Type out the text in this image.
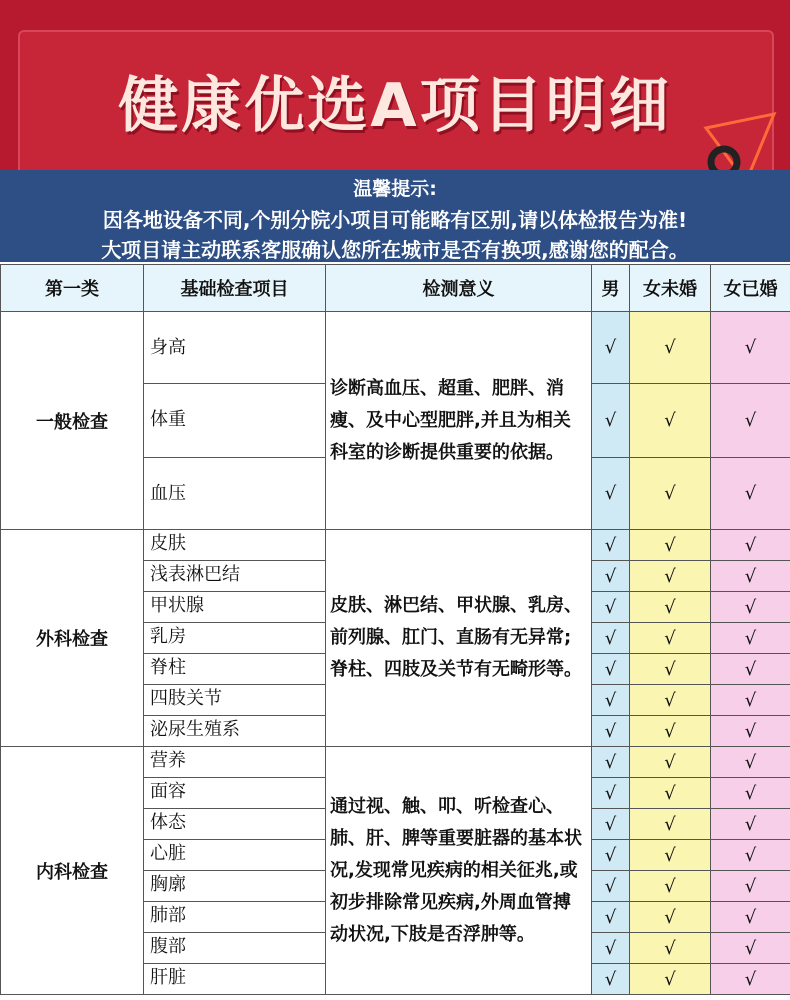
健康优选A项目明细
温馨提示:
因各地设备不同,个别分院小项目可能略有区别,请以体检报告为准!
大项目请主动联系客服确认您所在城市是否有换项,感谢您的配合。
第一类	基础检查项目	检测意义	男	女未婚	女已婚
一般检查	身高	诊断高血压、超重、肥胖、消瘦、及中心型肥胖,并且为相关科室的诊断提供重要的依据。	√	√	√

	体重		√	√	√

	血压		√	√	√
外科检查	皮肤	皮肤、淋巴结、甲状腺、乳房、前列腺、肛门、直肠有无异常;脊柱、四肢及关节有无畸形等。	√	√	√

	浅表淋巴结		√	√	√

	甲状腺		√	√	√

	乳房		√	√	√

	脊柱		√	√	√

	四肢关节		√	√	√

	泌尿生殖系		√	√	√
内科检查	营养	通过视、触、叩、听检查心、肺、肝、脾等重要脏器的基本状况,发现常见疾病的相关征兆,或初步排除常见疾病,外周血管搏动状况,下肢是否浮肿等。	√	√	√

	面容		√	√	√

	体态		√	√	√

	心脏		√	√	√

	胸廓		√	√	√

	肺部		√	√	√

	腹部		√	√	√

	肝脏		√	√	√
